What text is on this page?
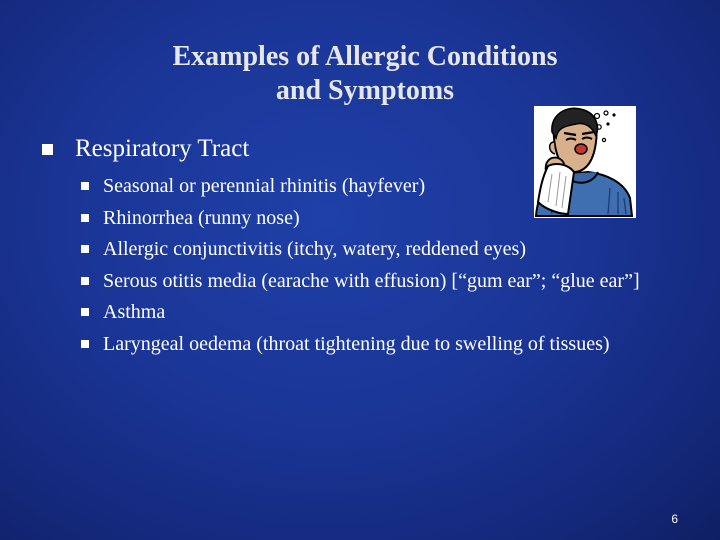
Examples of Allergic Conditions
and Symptoms
Respiratory Tract
Seasonal or perennial rhinitis (hayfever)
Rhinorrhea (runny nose)
Allergic conjunctivitis (itchy, watery, reddened eyes)
Serous otitis media (earache with effusion) [“gum ear”; “glue ear”]
Asthma
Laryngeal oedema (throat tightening due to swelling of tissues)
6
